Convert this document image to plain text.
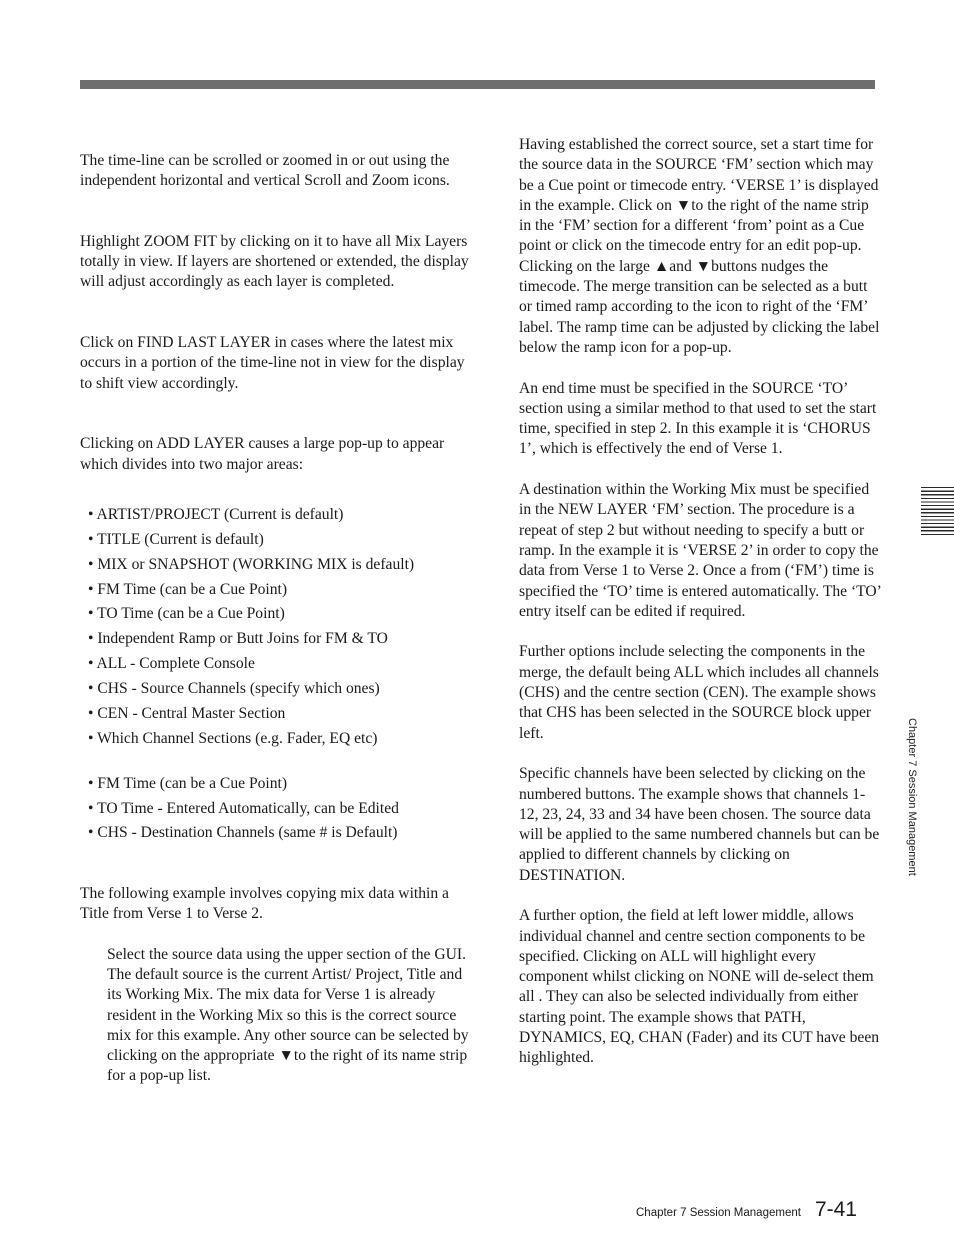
The time-line can be scrolled or zoomed in or out using the independent horizontal and vertical Scroll and Zoom icons.

Highlight ZOOM FIT by clicking on it to have all Mix Layers totally in view. If layers are shortened or extended, the display will adjust accordingly as each layer is completed.

Click on FIND LAST LAYER in cases where the latest mix occurs in a portion of the time-line not in view for the display to shift view accordingly.

Clicking on ADD LAYER causes a large pop-up to appear which divides into two major areas:

• ARTIST/PROJECT (Current is default)
• TITLE (Current is default)
• MIX or SNAPSHOT (WORKING MIX is default)
• FM Time (can be a Cue Point)
• TO Time (can be a Cue Point)
• Independent Ramp or Butt Joins for FM & TO
• ALL - Complete Console
• CHS - Source Channels (specify which ones)
• CEN - Central Master Section
• Which Channel Sections (e.g. Fader, EQ etc)
• FM Time (can be a Cue Point)
• TO Time - Entered Automatically, can be Edited
• CHS - Destination Channels (same # is Default)

The following example involves copying mix data within a Title from Verse 1 to Verse 2.

Select the source data using the upper section of the GUI. The default source is the current Artist/ Project, Title and its Working Mix. The mix data for Verse 1 is already resident in the Working Mix so this is the correct source mix for this example. Any other source can be selected by clicking on the appropriate ▼to the right of its name strip for a pop-up list.

Having established the correct source, set a start time for the source data in the SOURCE ‘FM’ section which may be a Cue point or timecode entry. ‘VERSE 1’ is displayed in the example. Click on ▼to the right of the name strip in the ‘FM’ section for a different ‘from’ point as a Cue point or click on the timecode entry for an edit pop-up. Clicking on the large ▲and ▼buttons nudges the timecode. The merge transition can be selected as a butt or timed ramp according to the icon to right of the ‘FM’ label. The ramp time can be adjusted by clicking the label below the ramp icon for a pop-up.

An end time must be specified in the SOURCE ‘TO’ section using a similar method to that used to set the start time, specified in step 2. In this example it is ‘CHORUS 1’, which is effectively the end of Verse 1.

A destination within the Working Mix must be specified in the NEW LAYER ‘FM’ section. The procedure is a repeat of step 2 but without needing to specify a butt or ramp. In the example it is ‘VERSE 2’ in order to copy the data from Verse 1 to Verse 2. Once a from (‘FM’) time is specified the ‘TO’ time is entered automatically. The ‘TO’ entry itself can be edited if required.

Further options include selecting the components in the merge, the default being ALL which includes all channels (CHS) and the centre section (CEN). The example shows that CHS has been selected in the SOURCE block upper left.

Specific channels have been selected by clicking on the numbered buttons. The example shows that channels 1-12, 23, 24, 33 and 34 have been chosen. The source data will be applied to the same numbered channels but can be applied to different channels by clicking on DESTINATION.

A further option, the field at left lower middle, allows individual channel and centre section components to be specified. Clicking on ALL will highlight every component whilst clicking on NONE will de-select them all . They can also be selected individually from either starting point. The example shows that PATH, DYNAMICS, EQ, CHAN (Fader) and its CUT have been highlighted.

Chapter 7 Session Management
Chapter 7 Session Management 7-41
